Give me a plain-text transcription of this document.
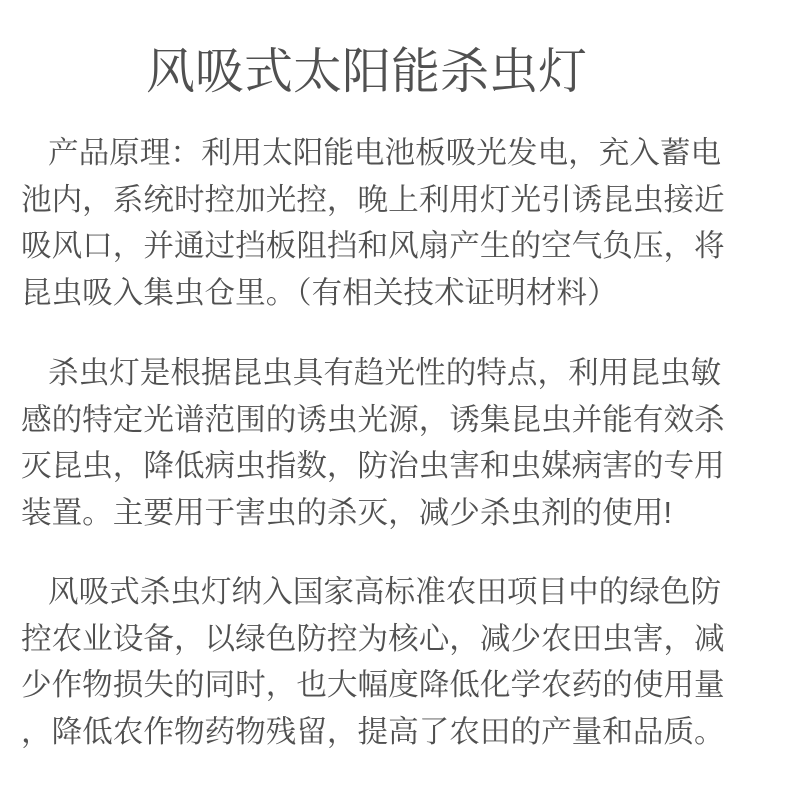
风吸式太阳能杀虫灯
产品原理：利用太阳能电池板吸光发电，充入蓄电
池内，系统时控加光控，晚上利用灯光引诱昆虫接近
吸风口，并通过挡板阻挡和风扇产生的空气负压，将
昆虫吸入集虫仓里。（有相关技术证明材料）
杀虫灯是根据昆虫具有趋光性的特点，利用昆虫敏
感的特定光谱范围的诱虫光源，诱集昆虫并能有效杀
灭昆虫，降低病虫指数，防治虫害和虫媒病害的专用
装置。主要用于害虫的杀灭，减少杀虫剂的使用!
风吸式杀虫灯纳入国家高标准农田项目中的绿色防
控农业设备，以绿色防控为核心，减少农田虫害，减
少作物损失的同时，也大幅度降低化学农药的使用量
，降低农作物药物残留，提高了农田的产量和品质。
